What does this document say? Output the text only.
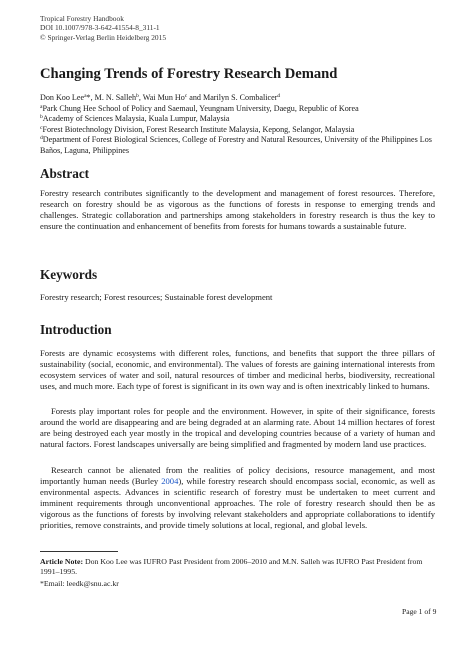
Tropical Forestry Handbook
DOI 10.1007/978-3-642-41554-8_311-1
© Springer-Verlag Berlin Heidelberg 2015
Changing Trends of Forestry Research Demand
Don Koo Lee$^a$*, M. N. Salleh$^b$, Wai Mun Ho$^c$ and Marilyn S. Combalicer$^d$
$^a$Park Chung Hee School of Policy and Saemaul, Yeungnam University, Daegu, Republic of Korea
$^b$Academy of Sciences Malaysia, Kuala Lumpur, Malaysia
$^c$Forest Biotechnology Division, Forest Research Institute Malaysia, Kepong, Selangor, Malaysia
$^d$Department of Forest Biological Sciences, College of Forestry and Natural Resources, University of the Philippines Los Baños, Laguna, Philippines
Abstract

Forestry research contributes significantly to the development and management of forest resources. Therefore, research on forestry should be as vigorous as the functions of forests in response to emerging trends and challenges. Strategic collaboration and partnerships among stakeholders in forestry research is thus the key to ensure the continuation and enhancement of benefits from forests for humans towards a sustainable future.

Keywords

Forestry research; Forest resources; Sustainable forest development

Introduction

Forests are dynamic ecosystems with different roles, functions, and benefits that support the three pillars of sustainability (social, economic, and environmental). The values of forests are gaining international interests from ecosystem services of water and soil, natural resources of timber and medicinal herbs, biodiversity, recreational uses, and much more. Each type of forest is significant in its own way and is often inextricably linked to humans.

Forests play important roles for people and the environment. However, in spite of their significance, forests around the world are disappearing and are being degraded at an alarming rate. About 14 million hectares of forest are being destroyed each year mostly in the tropical and developing countries because of a variety of human and natural factors. Forest landscapes universally are being simplified and fragmented by modern land use practices.

Research cannot be alienated from the realities of policy decisions, resource management, and most importantly human needs (Burley 2004), while forestry research should encompass social, economic, as well as environmental aspects. Advances in scientific research of forestry must be undertaken to meet current and imminent requirements through unconventional approaches. The role of forestry research should then be as vigorous as the functions of forests by involving relevant stakeholders and appropriate collaborations to identify priorities, remove constraints, and provide timely solutions at local, regional, and global levels.

Article Note: Don Koo Lee was IUFRO Past President from 2006–2010 and M.N. Salleh was IUFRO Past President from 1991–1995.
*Email: leedk@snu.ac.kr
Page 1 of 9
